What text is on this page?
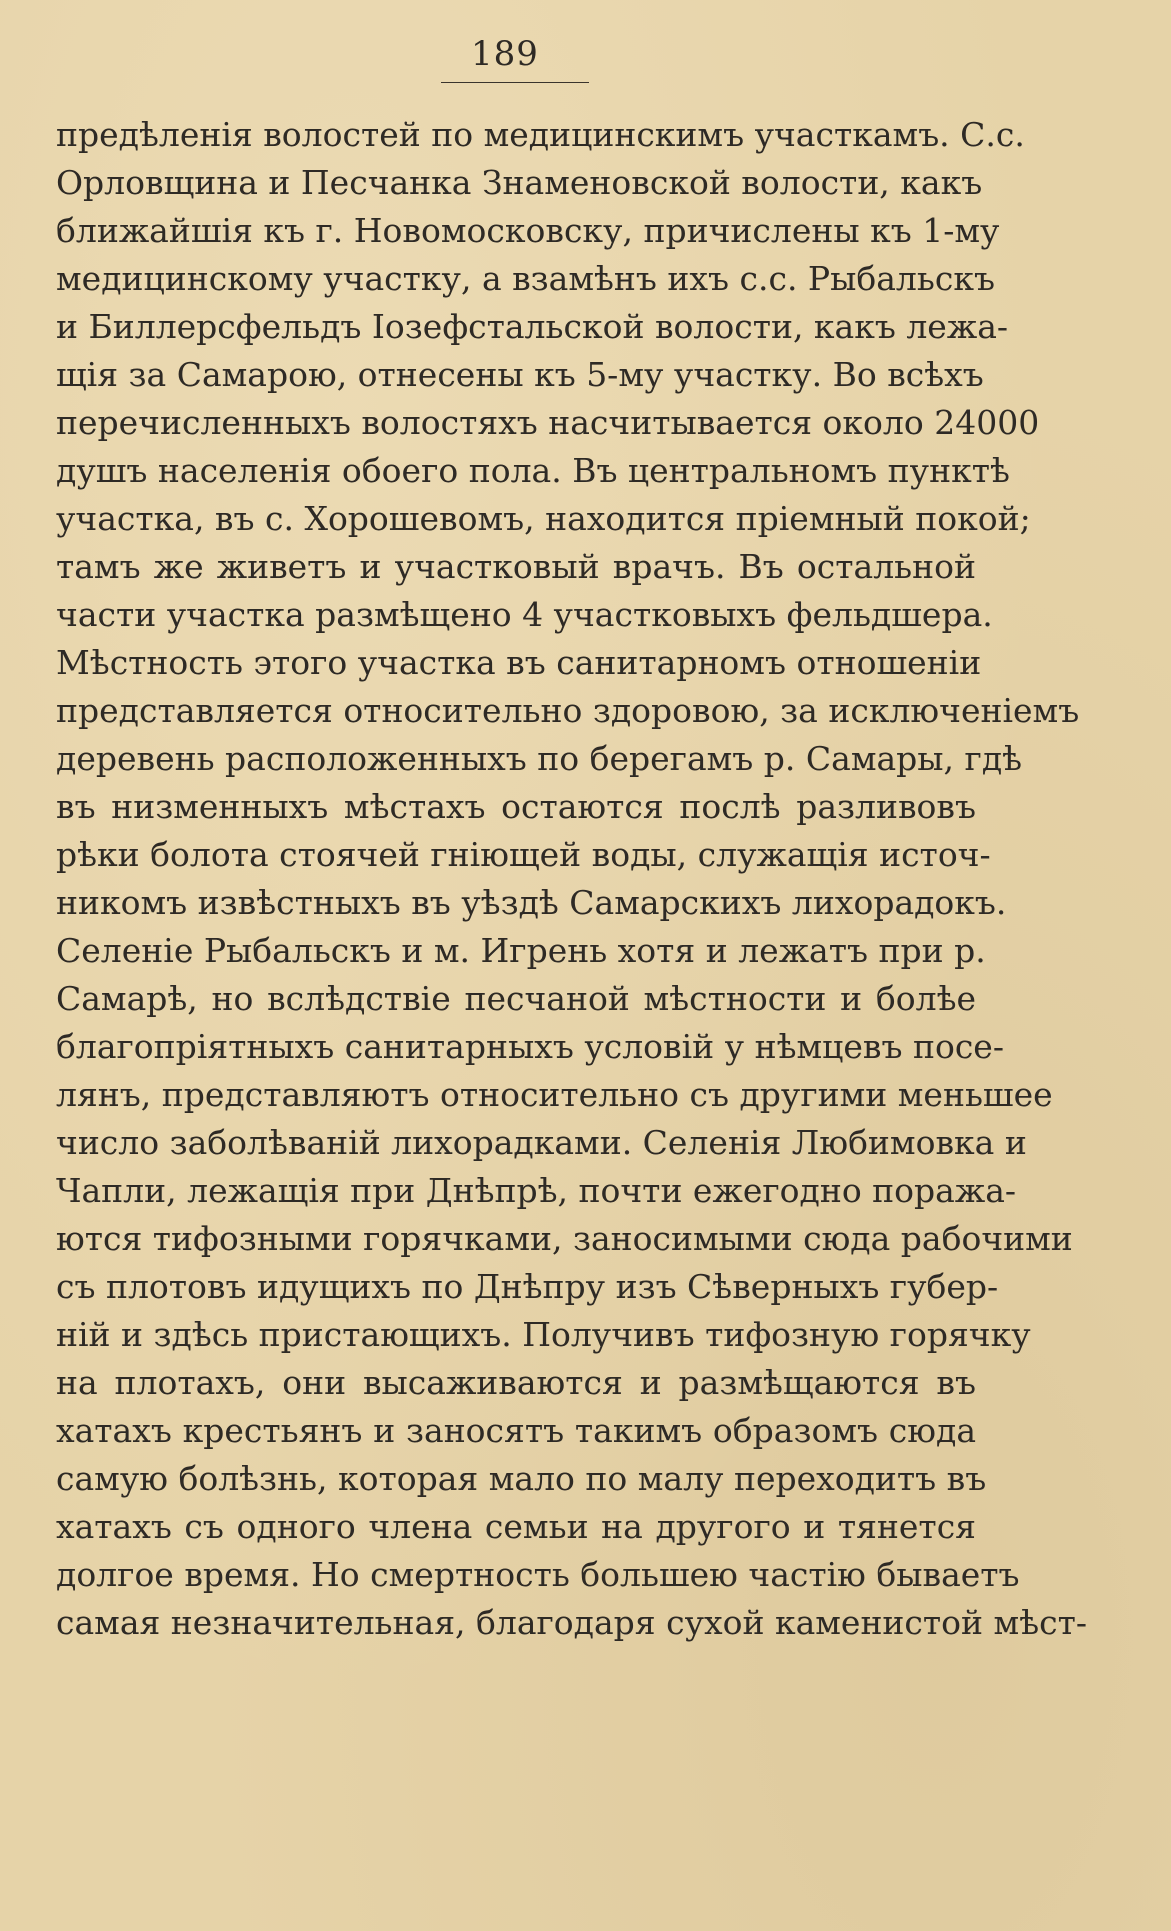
189
предѣленія волостей по медицинскимъ участкамъ. С.с.
Орловщина и Песчанка Знаменовской волости, какъ
ближайшія къ г. Новомосковску, причислены къ 1-му
медицинскому участку, а взамѣнъ ихъ с.с. Рыбальскъ
и Биллерсфельдъ Іозефстальской волости, какъ лежа-
щія за Самарою, отнесены къ 5-му участку. Во всѣхъ
перечисленныхъ волостяхъ насчитывается около 24000
душъ населенія обоего пола. Въ центральномъ пунктѣ
участка, въ с. Хорошевомъ, находится пріемный покой;
тамъ же живетъ и участковый врачъ. Въ остальной
части участка размѣщено 4 участковыхъ фельдшера.
Мѣстность этого участка въ санитарномъ отношеніи
представляется относительно здоровою, за исключеніемъ
деревень расположенныхъ по берегамъ р. Самары, гдѣ
въ низменныхъ мѣстахъ остаются послѣ разливовъ
рѣки болота стоячей гніющей воды, служащія источ-
никомъ извѣстныхъ въ уѣздѣ Самарскихъ лихорадокъ.
Селеніе Рыбальскъ и м. Игрень хотя и лежатъ при р.
Самарѣ, но вслѣдствіе песчаной мѣстности и болѣе
благопріятныхъ санитарныхъ условій у нѣмцевъ посе-
лянъ, представляютъ относительно съ другими меньшее
число заболѣваній лихорадками. Селенія Любимовка и
Чапли, лежащія при Днѣпрѣ, почти ежегодно поража-
ются тифозными горячками, заносимыми сюда рабочими
съ плотовъ идущихъ по Днѣпру изъ Сѣверныхъ губер-
ній и здѣсь пристающихъ. Получивъ тифозную горячку
на плотахъ, они высаживаются и размѣщаются въ
хатахъ крестьянъ и заносятъ такимъ образомъ сюда
самую болѣзнь, которая мало по малу переходитъ въ
хатахъ съ одного члена семьи на другого и тянется
долгое время. Но смертность большею частію бываетъ
самая незначительная, благодаря сухой каменистой мѣст-
